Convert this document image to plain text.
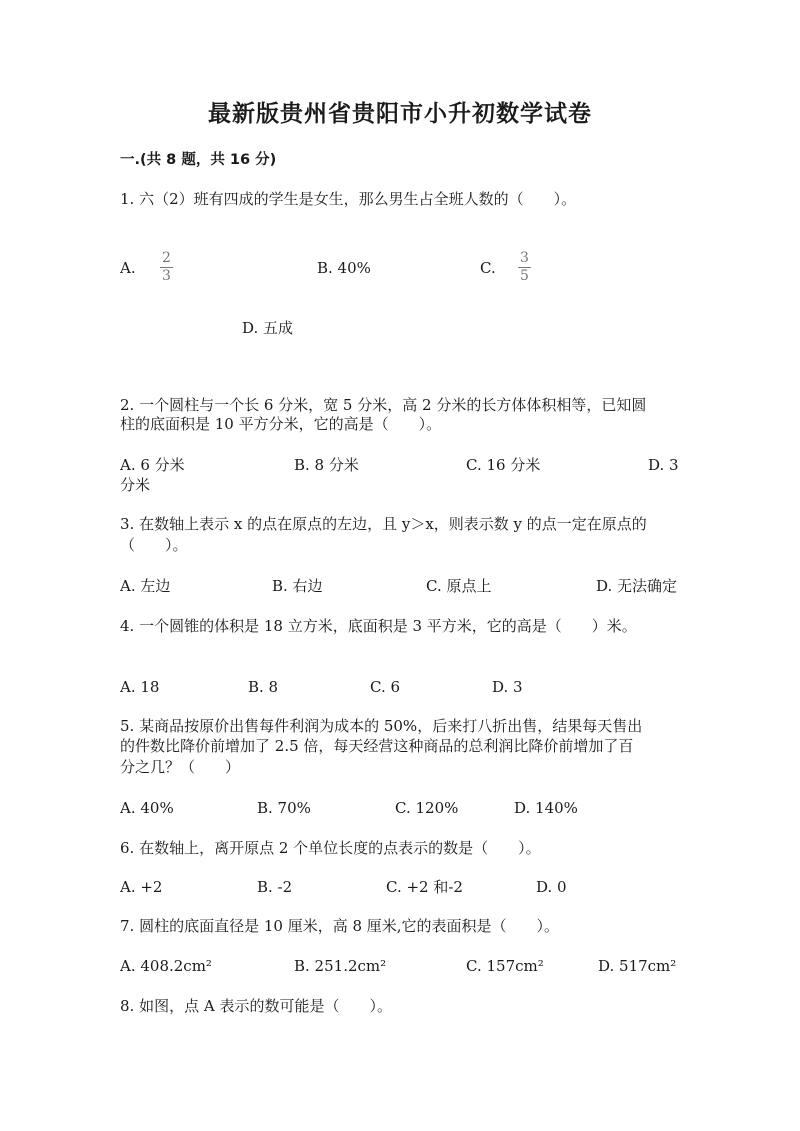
最新版贵州省贵阳市小升初数学试卷
一.(共 8 题，共 16 分)
1. 六（2）班有四成的学生是女生，那么男生占全班人数的（　　）。
A.
2
3	B. 40%	C.
3
5
D. 五成
2. 一个圆柱与一个长 6 分米，宽 5 分米，高 2 分米的长方体体积相等，已知圆
柱的底面积是 10 平方分米，它的高是（　　）。
A. 6 分米	B. 8 分米	C. 16 分米	D. 3
分米
3. 在数轴上表示 x 的点在原点的左边，且 y＞x，则表示数 y 的点一定在原点的
（　　）。
A. 左边	B. 右边	C. 原点上	D. 无法确定
4. 一个圆锥的体积是 18 立方米，底面积是 3 平方米，它的高是（　　）米。
A. 18	B. 8	C. 6	D. 3
5. 某商品按原价出售每件利润为成本的 50%，后来打八折出售，结果每天售出
的件数比降价前增加了 2.5 倍，每天经营这种商品的总利润比降价前增加了百
分之几？（　　）
A. 40%	B. 70%	C. 120%	D. 140%
6. 在数轴上，离开原点 2 个单位长度的点表示的数是（　　）。
A. +2	B. -2	C. +2 和-2	D. 0
7. 圆柱的底面直径是 10 厘米，高 8 厘米,它的表面积是（　　）。
A. 408.2cm²	B. 251.2cm²	C. 157cm²	D. 517cm²
8. 如图，点 A 表示的数可能是（　　）。
